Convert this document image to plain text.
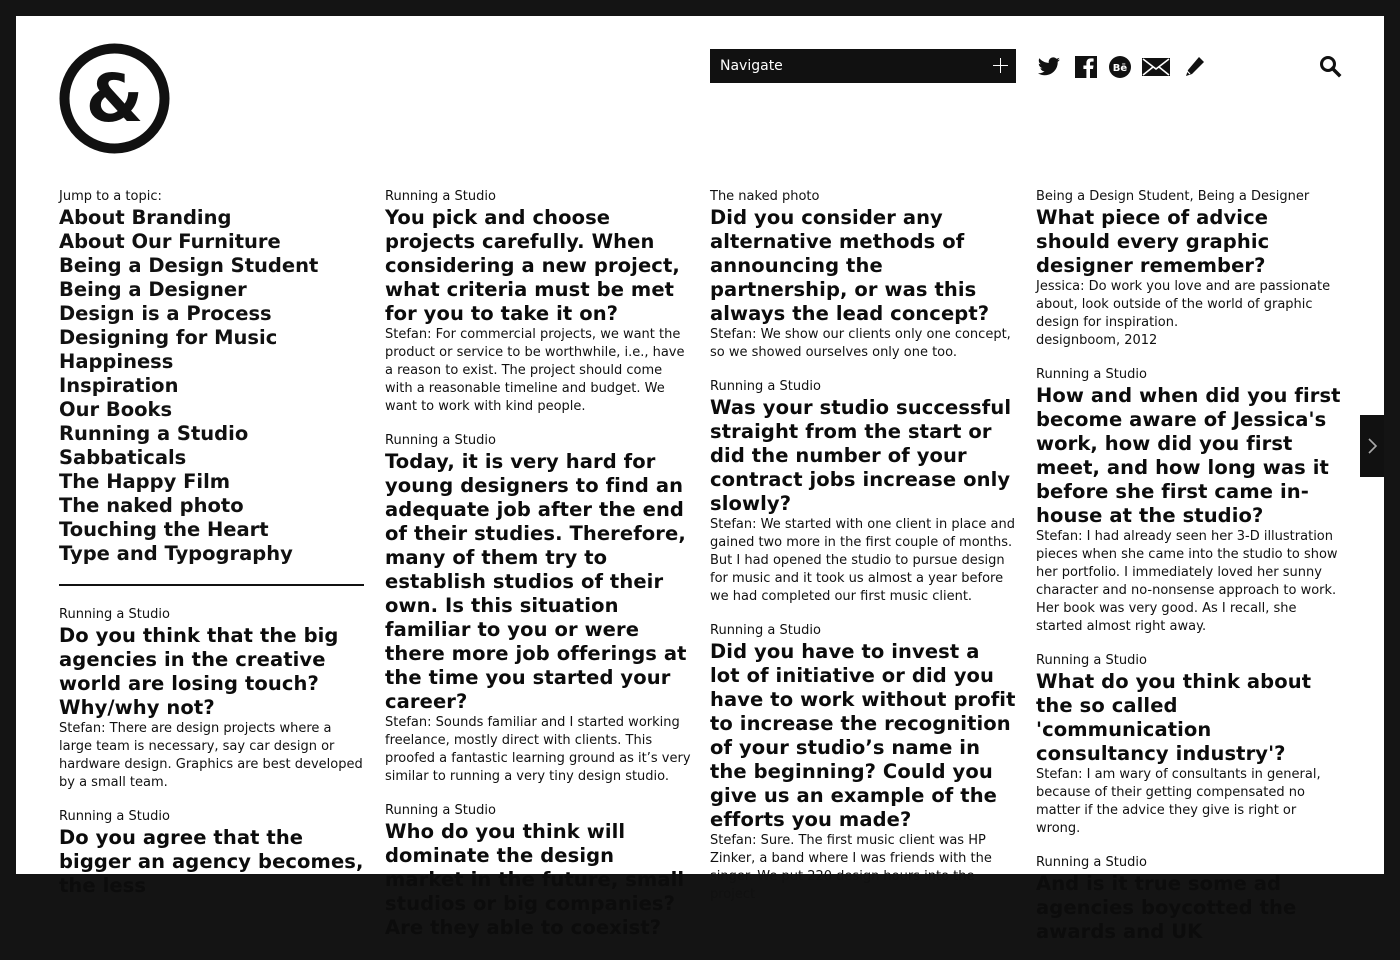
&	Navigate	Bē
Jump to a topic:
About Branding
About Our Furniture
Being a Design Student
Being a Designer
Design is a Process
Designing for Music
Happiness
Inspiration
Our Books
Running a Studio
Sabbaticals
The Happy Film
The naked photo
Touching the Heart
Type and Typography
Running a Studio
Do you think that the big agencies in the creative world are losing touch? Why/why not?
Stefan: There are design projects where a large team is necessary, say car design or hardware design. Graphics are best developed by a small team.
Running a Studio
Do you agree that the bigger an agency becomes, the less
Running a Studio
You pick and choose projects carefully. When considering a new project, what criteria must be met for you to take it on?
Stefan: For commercial projects, we want the product or service to be worthwhile, i.e., have a reason to exist. The project should come with a reasonable timeline and budget. We want to work with kind people.
Running a Studio
Today, it is very hard for young designers to find an adequate job after the end of their studies. Therefore, many of them try to establish studios of their own. Is this situation familiar to you or were there more job offerings at the time you started your career?
Stefan: Sounds familiar and I started working freelance, mostly direct with clients. This proofed a fantastic learning ground as it’s very similar to running a very tiny design studio.
Running a Studio
Who do you think will dominate the design market in the future, small studios or big companies? Are they able to coexist?
The naked photo
Did you consider any alternative methods of announcing the partnership, or was this always the lead concept?
Stefan: We show our clients only one concept, so we showed ourselves only one too.
Running a Studio
Was your studio successful straight from the start or did the number of your contract jobs increase only slowly?
Stefan: We started with one client in place and gained two more in the first couple of months. But I had opened the studio to pursue design for music and it took us almost a year before we had completed our first music client.
Running a Studio
Did you have to invest a lot of initiative or did you have to work without profit to increase the recognition of your studio’s name in the beginning? Could you give us an example of the efforts you made?
Stefan: Sure. The first music client was HP Zinker, a band where I was friends with the singer. We put 220 design hours into the project
Being a Design Student, Being a Designer
What piece of advice should every graphic designer remember?
Jessica: Do work you love and are passionate about, look outside of the world of graphic design for inspiration.
designboom, 2012
Running a Studio
How and when did you first become aware of Jessica's work, how did you first meet, and how long was it before she first came in-house at the studio?
Stefan: I had already seen her 3-D illustration pieces when she came into the studio to show her portfolio. I immediately loved her sunny character and no-nonsense approach to work. Her book was very good. As I recall, she started almost right away.
Running a Studio
What do you think about the so called 'communication consultancy industry'?
Stefan: I am wary of consultants in general, because of their getting compensated no matter if the advice they give is right or wrong.
Running a Studio
And is it true some ad agencies boycotted the awards and UK
